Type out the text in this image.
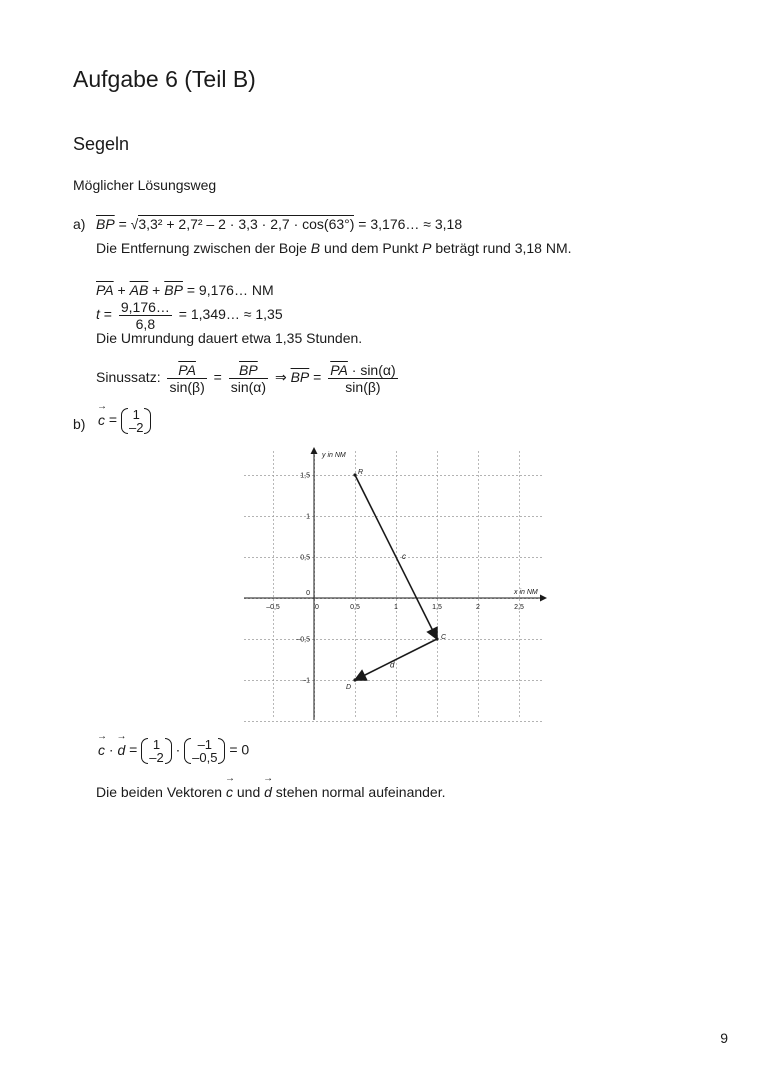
Aufgabe 6 (Teil B)
Segeln
Möglicher Lösungsweg
a) $\overline{BP} = √3,3^2 + 2,7^2 - 2 \cdot 3,3 \cdot 2,7 \cdot \cos(63^\circ)$ = 3,176… ≈ 3,18
Die Entfernung zwischen der Boje B und dem Punkt P beträgt rund 3,18 NM.
$\overline{PA} + \overline{AB} + \overline{BP}$ = 9,176… NM
$t = \frac{9,176\dots}{6,8}$ = 1,349… ≈ 1,35
Die Umrundung dauert etwa 1,35 Stunden.
Sinussatz: $\frac{\overline{PA}}{\sin(\beta)} = \frac{\overline{BP}}{\sin(\alpha)}$ ⇒ $\overline{BP} = \frac{\overline{PA} \cdot \sin(\alpha)}{\sin(\beta)}$
b) → c = 1
–2
–0,5	0	0,5	1	1,5	2	2,5
1,5
1
0,5
0
–0,5
–1
c
d
R
C
D
y in NM
x in NM
→ c · → d = 1
–2 ·	–1
–0,5 = 0
Die beiden Vektoren → c und → d stehen normal aufeinander.
9
